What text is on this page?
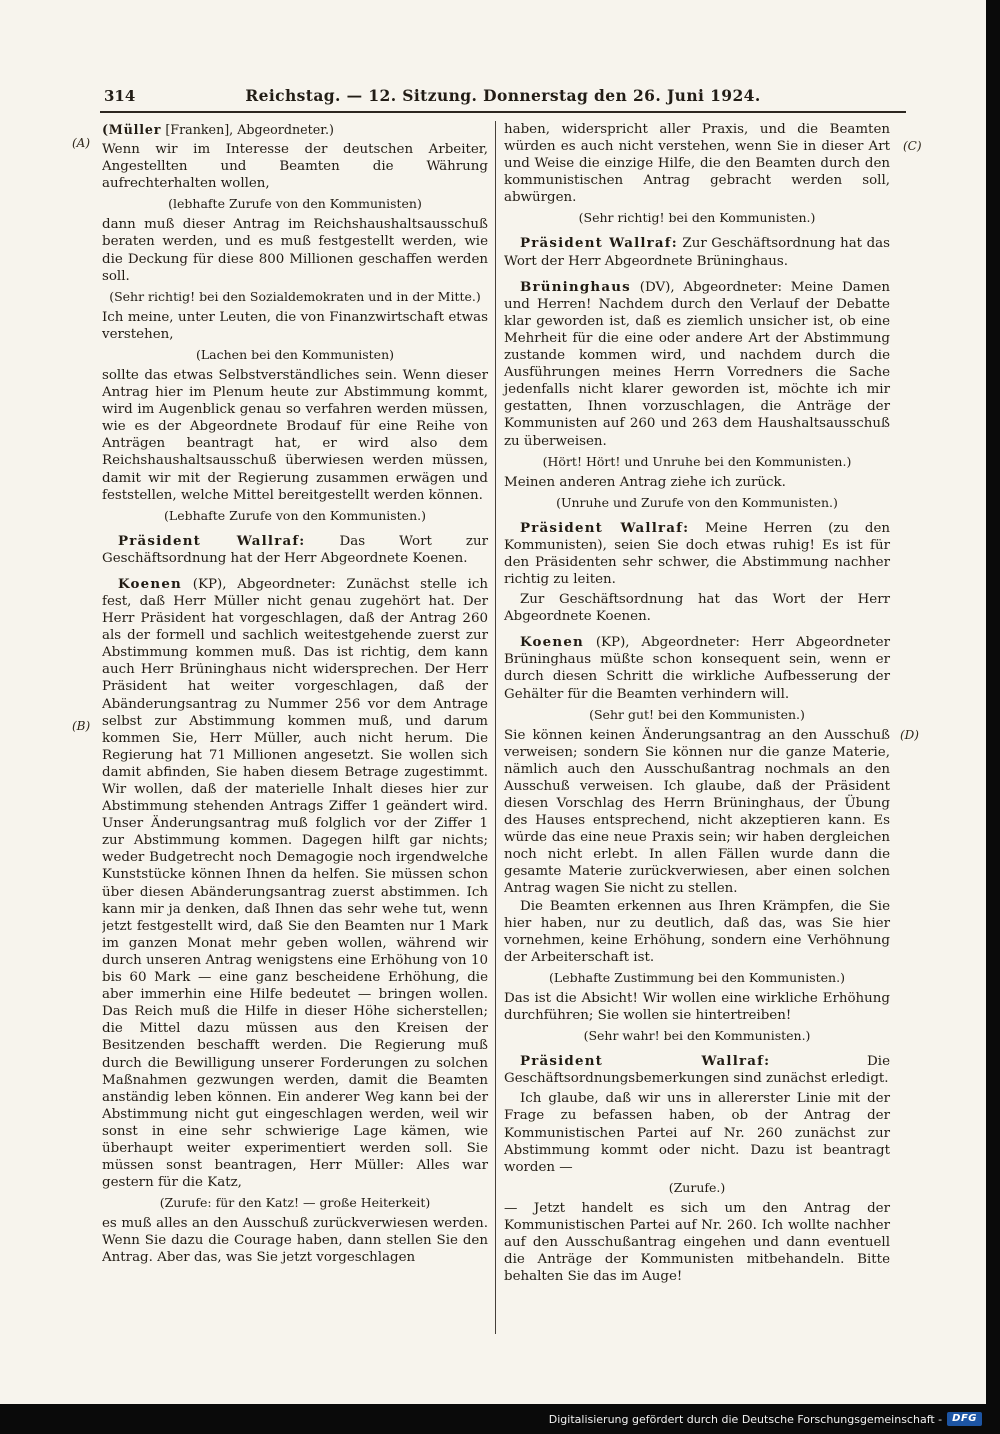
314	Reichstag. — 12. Sitzung. Donnerstag den 26. Juni 1924.

(Müller [Franken], Abgeordneter.)

Wenn wir im Interesse der deutschen Arbeiter, Angestellten und Beamten die Währung aufrechterhalten wollen,

(lebhafte Zurufe von den Kommunisten)

dann muß dieser Antrag im Reichshaushaltsausschuß beraten werden, und es muß festgestellt werden, wie die Deckung für diese 800 Millionen geschaffen werden soll.

(Sehr richtig! bei den Sozialdemokraten und in der Mitte.)

Ich meine, unter Leuten, die von Finanzwirtschaft etwas verstehen,

(Lachen bei den Kommunisten)

sollte das etwas Selbstverständliches sein. Wenn dieser Antrag hier im Plenum heute zur Abstimmung kommt, wird im Augenblick genau so verfahren werden müssen, wie es der Abgeordnete Brodauf für eine Reihe von Anträgen beantragt hat, er wird also dem Reichshaushaltsausschuß überwiesen werden müssen, damit wir mit der Regierung zusammen erwägen und feststellen, welche Mittel bereitgestellt werden können.

(Lebhafte Zurufe von den Kommunisten.)

Präsident Wallraf: Das Wort zur Geschäftsordnung hat der Herr Abgeordnete Koenen.

Koenen (KP), Abgeordneter: Zunächst stelle ich fest, daß Herr Müller nicht genau zugehört hat. Der Herr Präsident hat vorgeschlagen, daß der Antrag 260 als der formell und sachlich weitestgehende zuerst zur Abstimmung kommen muß. Das ist richtig, dem kann auch Herr Brüninghaus nicht widersprechen. Der Herr Präsident hat weiter vorgeschlagen, daß der Abänderungsantrag zu Nummer 256 vor dem Antrage selbst zur Abstimmung kommen muß, und darum kommen Sie, Herr Müller, auch nicht herum. Die Regierung hat 71 Millionen angesetzt. Sie wollen sich damit abfinden, Sie haben diesem Betrage zugestimmt. Wir wollen, daß der materielle Inhalt dieses hier zur Abstimmung stehenden Antrags Ziffer 1 geändert wird. Unser Änderungsantrag muß folglich vor der Ziffer 1 zur Abstimmung kommen. Dagegen hilft gar nichts; weder Budgetrecht noch Demagogie noch irgendwelche Kunststücke können Ihnen da helfen. Sie müssen schon über diesen Abänderungsantrag zuerst abstimmen. Ich kann mir ja denken, daß Ihnen das sehr wehe tut, wenn jetzt festgestellt wird, daß Sie den Beamten nur 1 Mark im ganzen Monat mehr geben wollen, während wir durch unseren Antrag wenigstens eine Erhöhung von 10 bis 60 Mark — eine ganz bescheidene Erhöhung, die aber immerhin eine Hilfe bedeutet — bringen wollen. Das Reich muß die Hilfe in dieser Höhe sicherstellen; die Mittel dazu müssen aus den Kreisen der Besitzenden beschafft werden. Die Regierung muß durch die Bewilligung unserer Forderungen zu solchen Maßnahmen gezwungen werden, damit die Beamten anständig leben können. Ein anderer Weg kann bei der Abstimmung nicht gut eingeschlagen werden, weil wir sonst in eine sehr schwierige Lage kämen, wie überhaupt weiter experimentiert werden soll. Sie müssen sonst beantragen, Herr Müller: Alles war gestern für die Katz,

(Zurufe: für den Katz! — große Heiterkeit)

es muß alles an den Ausschuß zurückverwiesen werden. Wenn Sie dazu die Courage haben, dann stellen Sie den Antrag. Aber das, was Sie jetzt vorgeschlagen

haben, widerspricht aller Praxis, und die Beamten würden es auch nicht verstehen, wenn Sie in dieser Art und Weise die einzige Hilfe, die den Beamten durch den kommunistischen Antrag gebracht werden soll, abwürgen.

(Sehr richtig! bei den Kommunisten.)

Präsident Wallraf: Zur Geschäftsordnung hat das Wort der Herr Abgeordnete Brüninghaus.

Brüninghaus (DV), Abgeordneter: Meine Damen und Herren! Nachdem durch den Verlauf der Debatte klar geworden ist, daß es ziemlich unsicher ist, ob eine Mehrheit für die eine oder andere Art der Abstimmung zustande kommen wird, und nachdem durch die Ausführungen meines Herrn Vorredners die Sache jedenfalls nicht klarer geworden ist, möchte ich mir gestatten, Ihnen vorzuschlagen, die Anträge der Kommunisten auf 260 und 263 dem Haushaltsausschuß zu überweisen.

(Hört! Hört! und Unruhe bei den Kommunisten.)

Meinen anderen Antrag ziehe ich zurück.

(Unruhe und Zurufe von den Kommunisten.)

Präsident Wallraf: Meine Herren (zu den Kommunisten), seien Sie doch etwas ruhig! Es ist für den Präsidenten sehr schwer, die Abstimmung nachher richtig zu leiten.

Zur Geschäftsordnung hat das Wort der Herr Abgeordnete Koenen.

Koenen (KP), Abgeordneter: Herr Abgeordneter Brüninghaus müßte schon konsequent sein, wenn er durch diesen Schritt die wirkliche Aufbesserung der Gehälter für die Beamten verhindern will.

(Sehr gut! bei den Kommunisten.)

Sie können keinen Änderungsantrag an den Ausschuß verweisen; sondern Sie können nur die ganze Materie, nämlich auch den Ausschußantrag nochmals an den Ausschuß verweisen. Ich glaube, daß der Präsident diesen Vorschlag des Herrn Brüninghaus, der Übung des Hauses entsprechend, nicht akzeptieren kann. Es würde das eine neue Praxis sein; wir haben dergleichen noch nicht erlebt. In allen Fällen wurde dann die gesamte Materie zurückverwiesen, aber einen solchen Antrag wagen Sie nicht zu stellen.

Die Beamten erkennen aus Ihren Krämpfen, die Sie hier haben, nur zu deutlich, daß das, was Sie hier vornehmen, keine Erhöhung, sondern eine Verhöhnung der Arbeiterschaft ist.

(Lebhafte Zustimmung bei den Kommunisten.)

Das ist die Absicht! Wir wollen eine wirkliche Erhöhung durchführen; Sie wollen sie hintertreiben!

(Sehr wahr! bei den Kommunisten.)

Präsident Wallraf: Die Geschäftsordnungsbemerkungen sind zunächst erledigt.

Ich glaube, daß wir uns in allererster Linie mit der Frage zu befassen haben, ob der Antrag der Kommunistischen Partei auf Nr. 260 zunächst zur Abstimmung kommt oder nicht. Dazu ist beantragt worden —

(Zurufe.)

— Jetzt handelt es sich um den Antrag der Kommunistischen Partei auf Nr. 260. Ich wollte nachher auf den Ausschußantrag eingehen und dann eventuell die Anträge der Kommunisten mitbehandeln. Bitte behalten Sie das im Auge!

(A)
(B)
(C)
(D)
Digitalisierung gefördert durch die Deutsche Forschungsgemeinschaft -	DFG
